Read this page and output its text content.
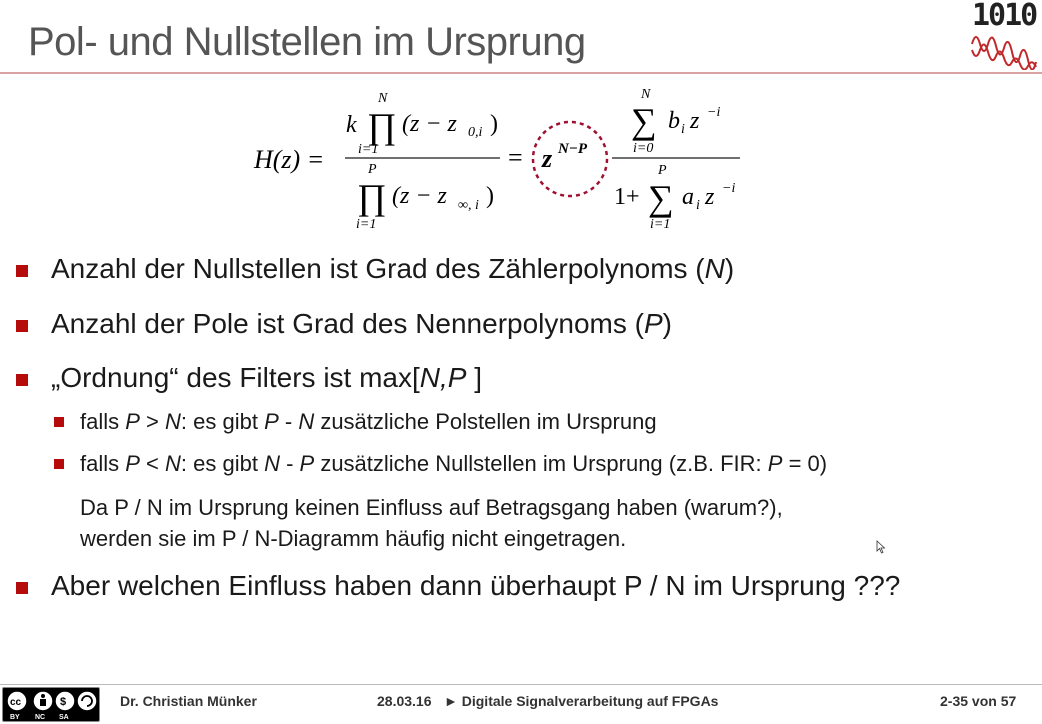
Pol- und Nullstellen im Ursprung
1010
H(z) =
k
N
∏
i=1
(z − z 0,i )
P
∏
i=1
(z − z ∞, i )
= z N−P
N
∑
i=0
b i z −i
1+
P
∑
i=1
a i z −i
Anzahl der Nullstellen ist Grad des Zählerpolynoms (N)
Anzahl der Pole ist Grad des Nennerpolynoms (P)
„Ordnung“ des Filters ist max[N,P ]
falls P > N: es gibt P - N zusätzliche Polstellen im Ursprung
falls P < N: es gibt N - P zusätzliche Nullstellen im Ursprung (z.B. FIR: P = 0)
Da P / N im Ursprung keinen Einfluss auf Betragsgang haben (warum?),
werden sie im P / N-Diagramm häufig nicht eingetragen.
Aber welchen Einfluss haben dann überhaupt P / N im Ursprung ???
cc	$
BY NC SA
Dr. Christian Münker	28.03.16 ► Digitale Signalverarbeitung auf FPGAs	2-35 von 57
